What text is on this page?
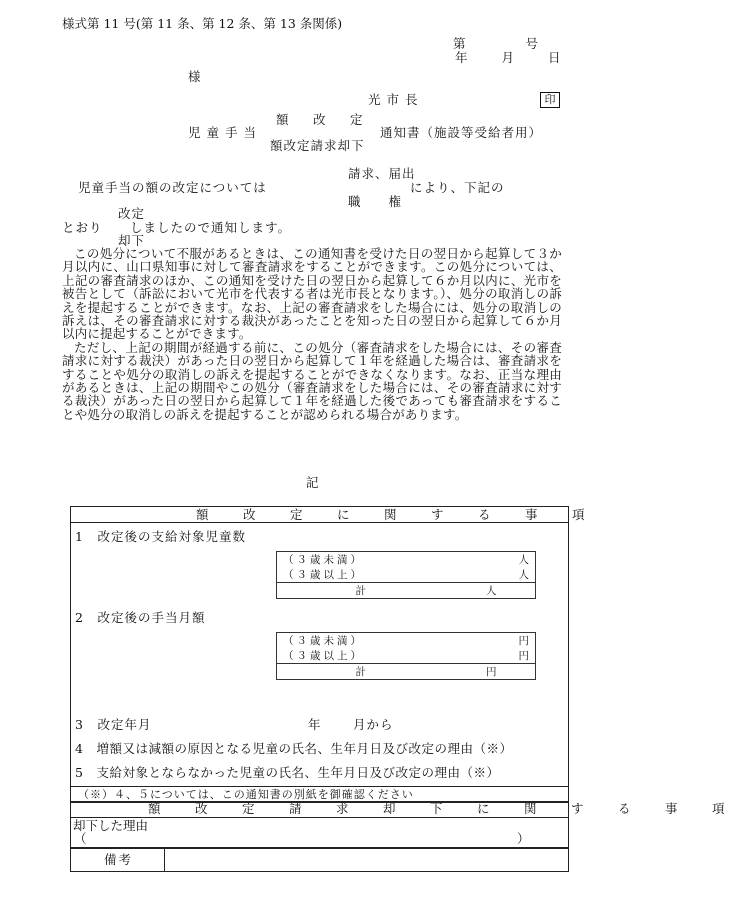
様式第 11 号(第 11 条、第 12 条、第 13 条関係)
第　　　　号
年　　月　　日
様
光市長	印
額　改　定
児童手当	通知書（施設等受給者用）
額改定請求却下
請求、届出
児童手当の額の改定については	により、下記の
職　　権
改定
とおり しましたので通知します。
却下

この処分について不服があるときは、この通知書を受けた日の翌日から起算して３か月以内に、山口県知事に対して審査請求をすることができます。この処分については、上記の審査請求のほか、この通知を受けた日の翌日から起算して６か月以内に、光市を被告として（訴訟において光市を代表する者は光市長となります。）、処分の取消しの訴えを提起することができます。なお、上記の審査請求をした場合には、処分の取消しの訴えは、その審査請求に対する裁決があったことを知った日の翌日から起算して６か月以内に提起することができます。

ただし、上記の期間が経過する前に、この処分（審査請求をした場合には、その審査請求に対する裁決）があった日の翌日から起算して１年を経過した場合は、審査請求をすることや処分の取消しの訴えを提起することができなくなります。なお、正当な理由があるときは、上記の期間やこの処分（審査請求をした場合には、その審査請求に対する裁決）があった日の翌日から起算して１年を経過した後であっても審査請求をすることや処分の取消しの訴えを提起することが認められる場合があります。

記
額　改　定　に　関　す　る　事　項
1　改定後の支給対象児童数
（３歳未満）	人

（３歳以上）	人

計	人
2　改定後の手当月額
（３歳未満）	円

（３歳以上）	円

計	円
3　改定年月	年	月から
4　増額又は減額の原因となる児童の氏名、生年月日及び改定の理由（※）
5　支給対象とならなかった児童の氏名、生年月日及び改定の理由（※）
（※）４、５については、この通知書の別紙を御確認ください
額　改　定　請　求　却　下　に　関　す　る　事　項
却下した理由
（	）
備考
